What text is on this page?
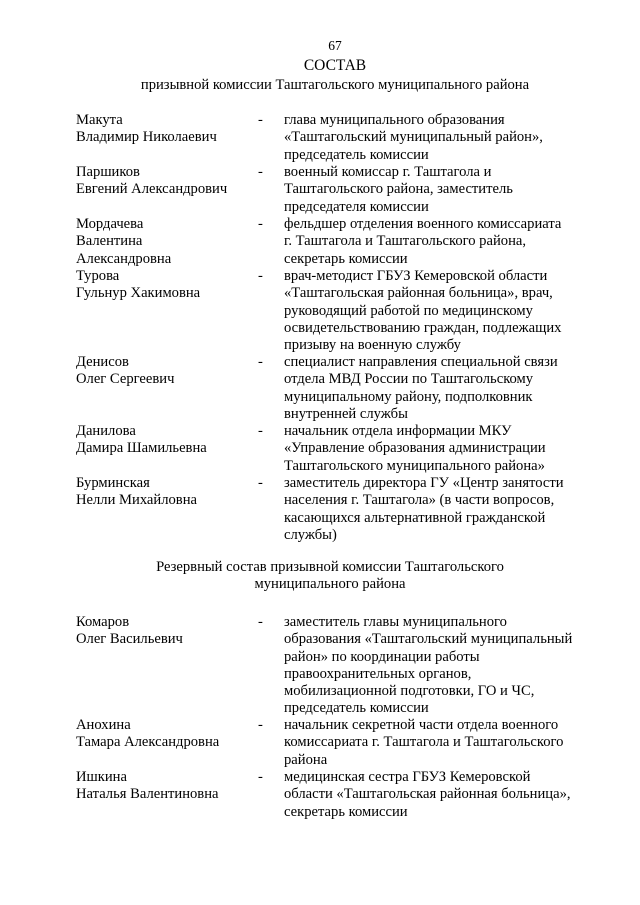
67
СОСТАВ
призывной комиссии Таштагольского муниципального района
Макута
Владимир Николаевич
-	глава муниципального образования
«Таштагольский муниципальный район»,
председатель комиссии
Паршиков
Евгений Александрович
-	военный комиссар г. Таштагола и
Таштагольского района, заместитель
председателя комиссии
Мордачева
Валентина
Александровна
-	фельдшер отделения военного комиссариата
г. Таштагола и Таштагольского района,
секретарь комиссии
Турова
Гульнур Хакимовна
-	врач-методист ГБУЗ Кемеровской области
«Таштагольская районная больница», врач,
руководящий работой по медицинскому
освидетельствованию граждан, подлежащих
призыву на военную службу
Денисов
Олег Сергеевич
-	специалист направления специальной связи
отдела МВД России по Таштагольскому
муниципальному району, подполковник
внутренней службы
Данилова
Дамира Шамильевна
-	начальник отдела информации МКУ
«Управление образования администрации
Таштагольского муниципального района»
Бурминская
Нелли Михайловна
-	заместитель директора ГУ «Центр занятости
населения г. Таштагола» (в части вопросов,
касающихся альтернативной гражданской
службы)
Резервный состав призывной комиссии Таштагольского
муниципального района
Комаров
Олег Васильевич
-	заместитель главы муниципального
образования «Таштагольский муниципальный
район» по координации работы
правоохранительных органов,
мобилизационной подготовки, ГО и ЧС,
председатель комиссии
Анохина
Тамара Александровна
-	начальник секретной части отдела военного
комиссариата г. Таштагола и Таштагольского
района
Ишкина
Наталья Валентиновна
-	медицинская сестра ГБУЗ Кемеровской
области «Таштагольская районная больница»,
секретарь комиссии
